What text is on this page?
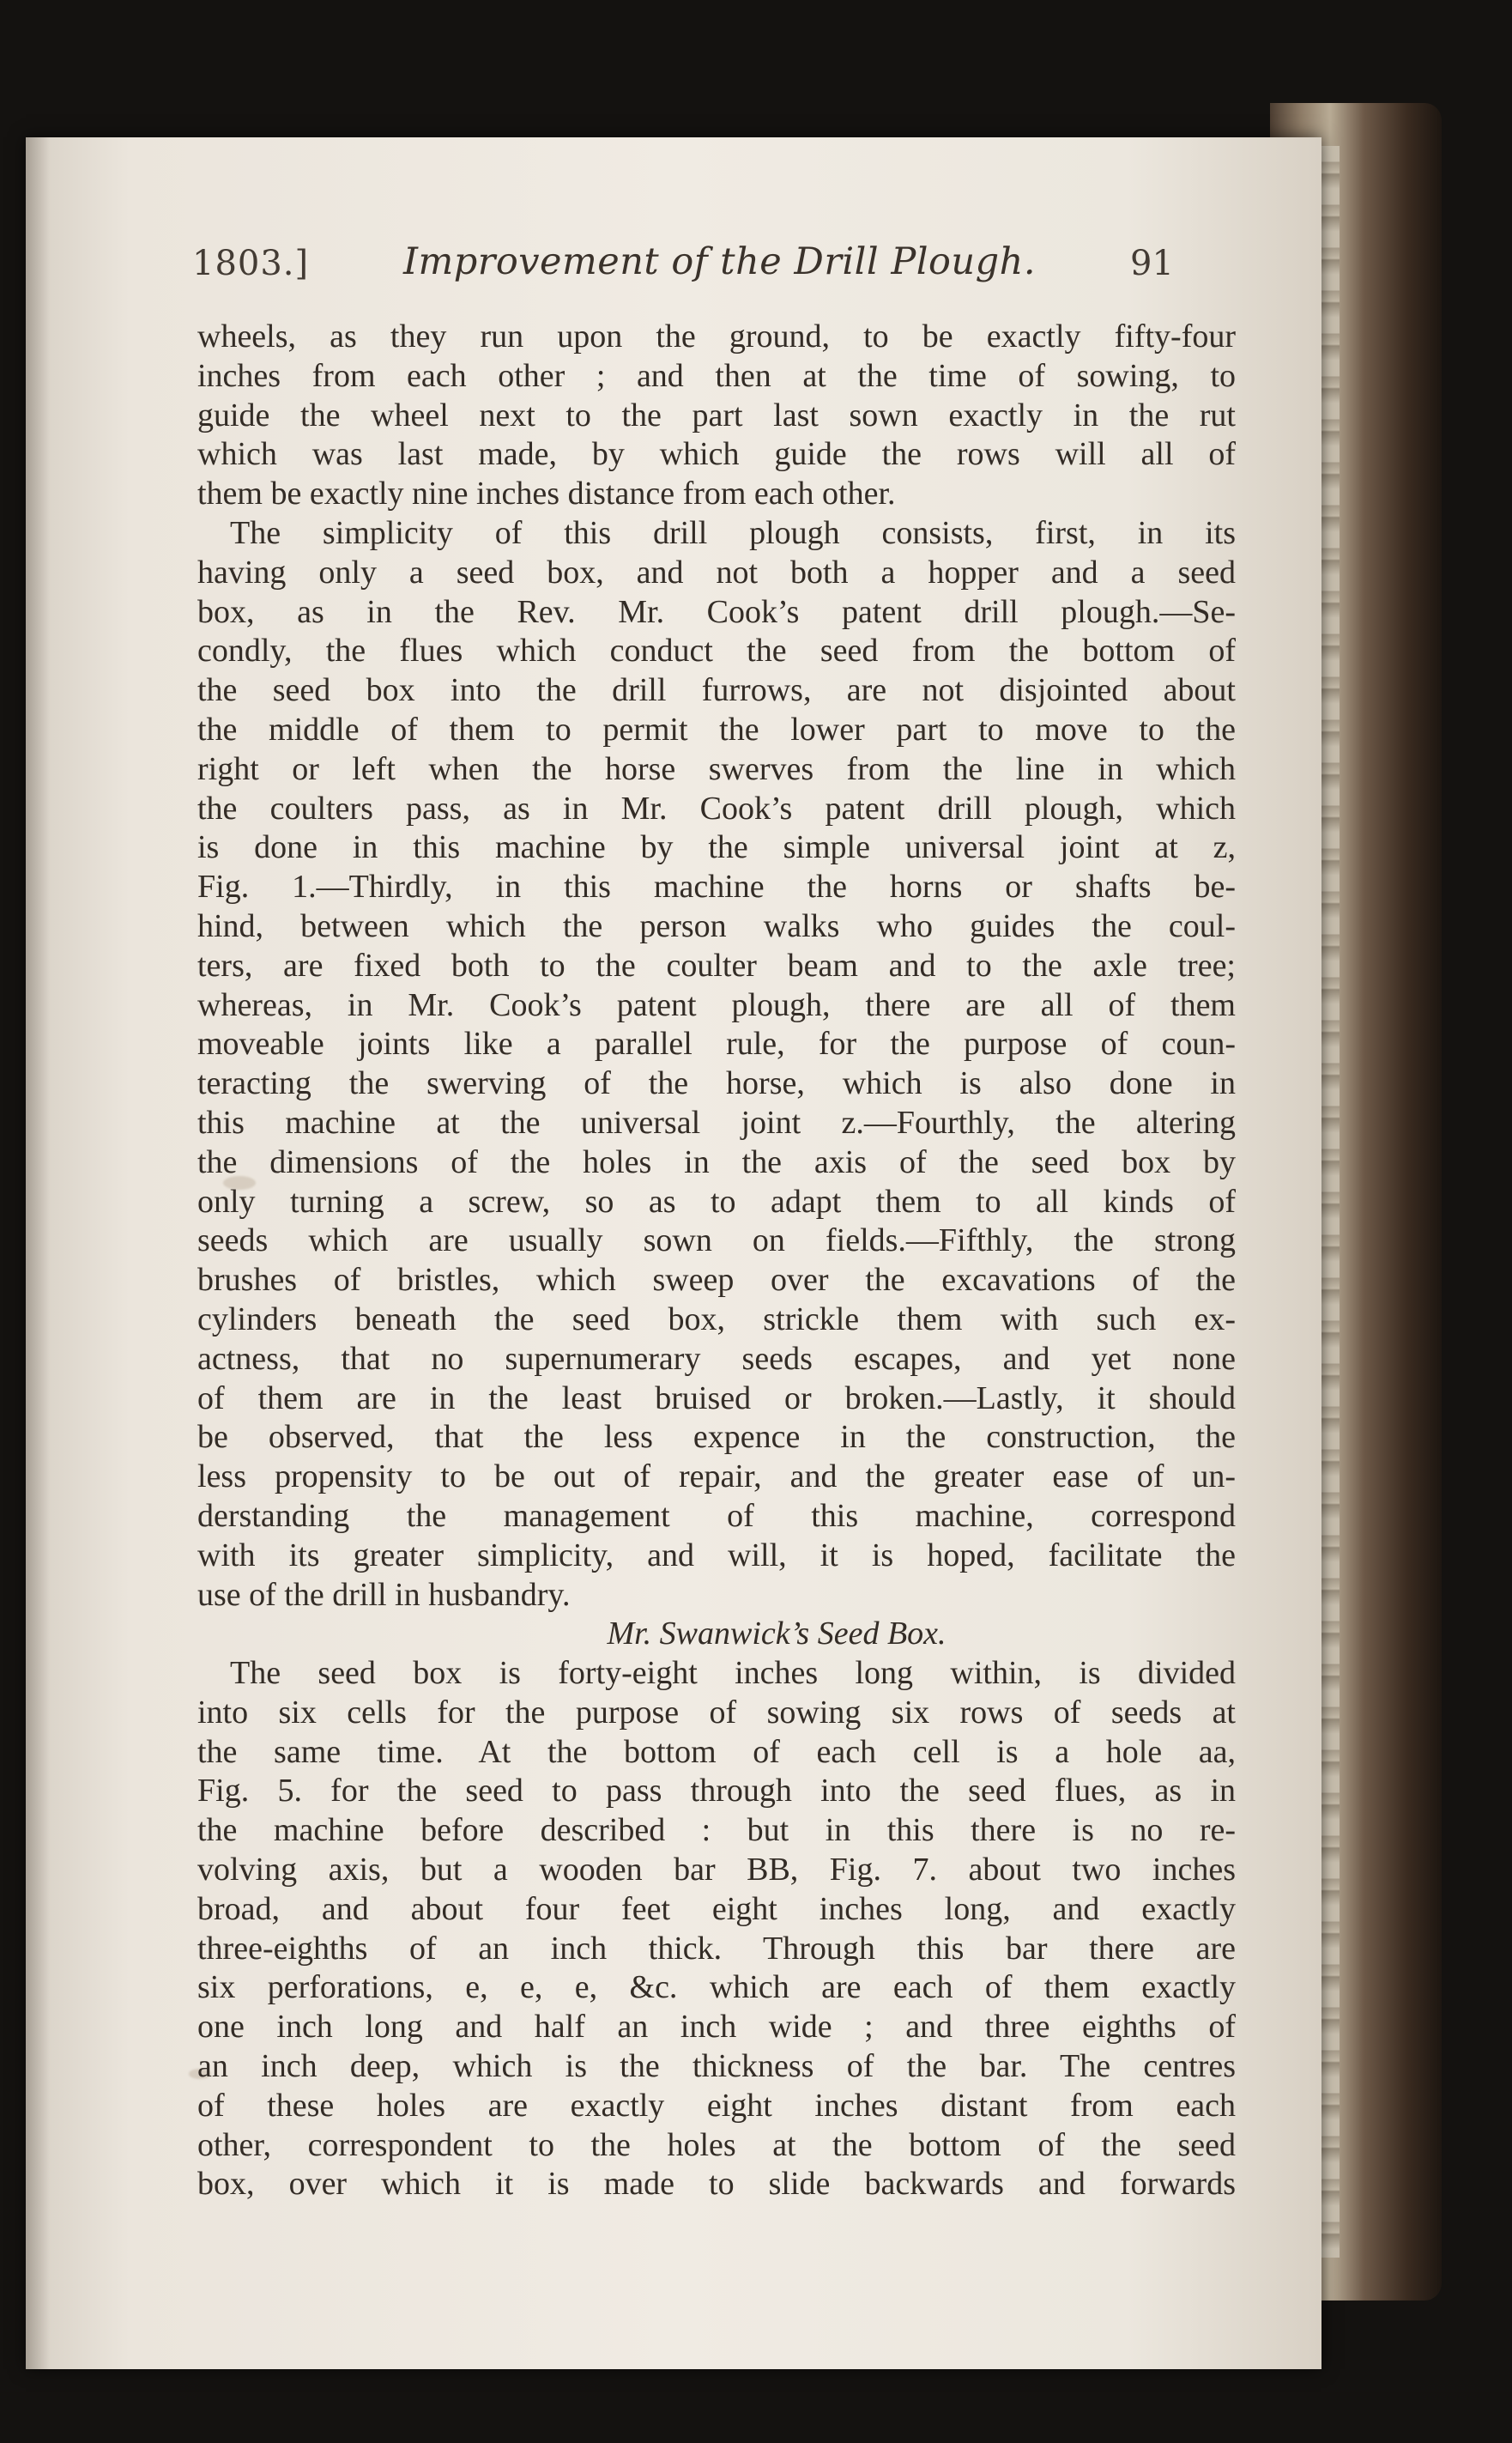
1803.]	Improvement of the Drill Plough.	91
wheels, as they run upon the ground, to be exactly fifty-four
inches from each other ; and then at the time of sowing, to
guide the wheel next to the part last sown exactly in the rut
which was last made, by which guide the rows will all of
them be exactly nine inches distance from each other.
The simplicity of this drill plough consists, first, in its
having only a seed box, and not both a hopper and a seed
box, as in the Rev. Mr. Cook’s patent drill plough.—Se-
condly, the flues which conduct the seed from the bottom of
the seed box into the drill furrows, are not disjointed about
the middle of them to permit the lower part to move to the
right or left when the horse swerves from the line in which
the coulters pass, as in Mr. Cook’s patent drill plough, which
is done in this machine by the simple universal joint at z,
Fig. 1.—Thirdly, in this machine the horns or shafts be-
hind, between which the person walks who guides the coul-
ters, are fixed both to the coulter beam and to the axle tree;
whereas, in Mr. Cook’s patent plough, there are all of them
moveable joints like a parallel rule, for the purpose of coun-
teracting the swerving of the horse, which is also done in
this machine at the universal joint z.—Fourthly, the altering
the dimensions of the holes in the axis of the seed box by
only turning a screw, so as to adapt them to all kinds of
seeds which are usually sown on fields.—Fifthly, the strong
brushes of bristles, which sweep over the excavations of the
cylinders beneath the seed box, strickle them with such ex-
actness, that no supernumerary seeds escapes, and yet none
of them are in the least bruised or broken.—Lastly, it should
be observed, that the less expence in the construction, the
less propensity to be out of repair, and the greater ease of un-
derstanding the management of this machine, correspond
with its greater simplicity, and will, it is hoped, facilitate the
use of the drill in husbandry.
Mr. Swanwick’s Seed Box.
The seed box is forty-eight inches long within, is divided
into six cells for the purpose of sowing six rows of seeds at
the same time. At the bottom of each cell is a hole aa,
Fig. 5. for the seed to pass through into the seed flues, as in
the machine before described : but in this there is no re-
volving axis, but a wooden bar BB, Fig. 7. about two inches
broad, and about four feet eight inches long, and exactly
three-eighths of an inch thick. Through this bar there are
six perforations, e, e, e, &c. which are each of them exactly
one inch long and half an inch wide ; and three eighths of
an inch deep, which is the thickness of the bar. The centres
of these holes are exactly eight inches distant from each
other, correspondent to the holes at the bottom of the seed
box, over which it is made to slide backwards and forwards
